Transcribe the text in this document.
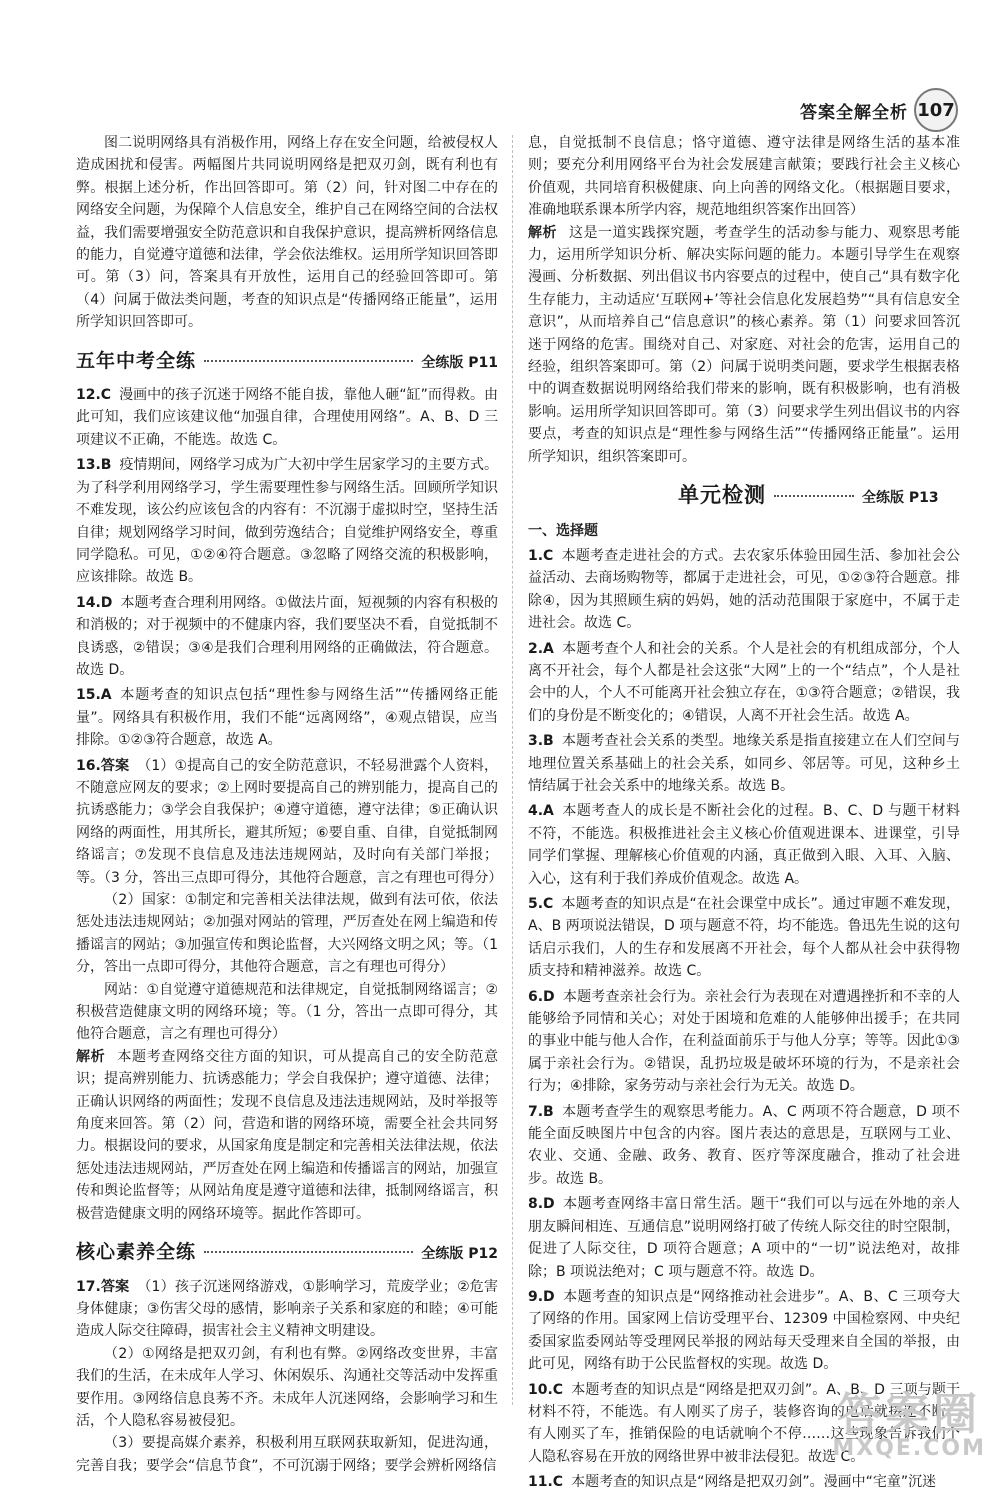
答案全解全析 107

图二说明网络具有消极作用，网络上存在安全问题，给被侵权人造成困扰和侵害。两幅图片共同说明网络是把双刃剑，既有利也有弊。根据上述分析，作出回答即可。第（2）问，针对图二中存在的网络安全问题，为保障个人信息安全，维护自己在网络空间的合法权益，我们需要增强安全防范意识和自我保护意识，提高辨析网络信息的能力，自觉遵守道德和法律，学会依法维权。运用所学知识回答即可。第（3）问，答案具有开放性，运用自己的经验回答即可。第（4）问属于做法类问题，考查的知识点是“传播网络正能量”，运用所学知识回答即可。

五年中考全练	全练版 P11

12.C 漫画中的孩子沉迷于网络不能自拔，靠他人砸“缸”而得救。由此可知，我们应该建议他“加强自律，合理使用网络”。A、B、D 三项建议不正确，不能选。故选 C。

13.B 疫情期间，网络学习成为广大初中学生居家学习的主要方式。为了科学利用网络学习，学生需要理性参与网络生活。回顾所学知识不难发现，该公约应该包含的内容有：不沉溺于虚拟时空，坚持生活自律；规划网络学习时间，做到劳逸结合；自觉维护网络安全，尊重同学隐私。可见，①②④符合题意。③忽略了网络交流的积极影响，应该排除。故选 B。

14.D 本题考查合理利用网络。①做法片面，短视频的内容有积极的和消极的；对于视频中的不健康内容，我们要坚决不看，自觉抵制不良诱惑，②错误；③④是我们合理利用网络的正确做法，符合题意。故选 D。

15.A 本题考查的知识点包括“理性参与网络生活”“传播网络正能量”。网络具有积极作用，我们不能“远离网络”，④观点错误，应当排除。①②③符合题意，故选 A。

16.答案 （1）①提高自己的安全防范意识，不轻易泄露个人资料，不随意应网友的要求；②上网时要提高自己的辨别能力，提高自己的抗诱惑能力；③学会自我保护；④遵守道德，遵守法律；⑤正确认识网络的两面性，用其所长，避其所短；⑥要自重、自律，自觉抵制网络谣言；⑦发现不良信息及违法违规网站，及时向有关部门举报；等。（3 分，答出三点即可得分，其他符合题意，言之有理也可得分）

（2）国家：①制定和完善相关法律法规，做到有法可依，依法惩处违法违规网站；②加强对网站的管理，严厉查处在网上编造和传播谣言的网站；③加强宣传和舆论监督，大兴网络文明之风；等。（1 分，答出一点即可得分，其他符合题意，言之有理也可得分）

网站：①自觉遵守道德规范和法律规定，自觉抵制网络谣言；②积极营造健康文明的网络环境；等。（1 分，答出一点即可得分，其他符合题意，言之有理也可得分）

解析 本题考查网络交往方面的知识，可从提高自己的安全防范意识；提高辨别能力、抗诱惑能力；学会自我保护；遵守道德、法律；正确认识网络的两面性；发现不良信息及违法违规网站，及时举报等角度来回答。第（2）问，营造和谐的网络环境，需要全社会共同努力。根据设问的要求，从国家角度是制定和完善相关法律法规，依法惩处违法违规网站，严厉查处在网上编造和传播谣言的网站，加强宣传和舆论监督等；从网站角度是遵守道德和法律，抵制网络谣言，积极营造健康文明的网络环境等。据此作答即可。

核心素养全练	全练版 P12

17.答案 （1）孩子沉迷网络游戏，①影响学习，荒废学业；②危害身体健康；③伤害父母的感情，影响亲子关系和家庭的和睦；④可能造成人际交往障碍，损害社会主义精神文明建设。

（2）①网络是把双刃剑，有利也有弊。②网络改变世界，丰富我们的生活，在未成年人学习、休闲娱乐、沟通社交等活动中发挥重要作用。③网络信息良莠不齐。未成年人沉迷网络，会影响学习和生活，个人隐私容易被侵犯。

（3）要提高媒介素养，积极利用互联网获取新知，促进沟通，完善自我；要学会“信息节食”，不可沉溺于网络；要学会辨析网络信

息，自觉抵制不良信息；恪守道德、遵守法律是网络生活的基本准则；要充分利用网络平台为社会发展建言献策；要践行社会主义核心价值观，共同培育积极健康、向上向善的网络文化。（根据题目要求，准确地联系课本所学内容，规范地组织答案作出回答）

解析 这是一道实践探究题，考查学生的活动参与能力、观察思考能力，运用所学知识分析、解决实际问题的能力。本题引导学生在观察漫画、分析数据、列出倡议书内容要点的过程中，使自己“具有数字化生存能力，主动适应‘互联网+’等社会信息化发展趋势”“具有信息安全意识”，从而培养自己“信息意识”的核心素养。第（1）问要求回答沉迷于网络的危害。围绕对自己、对家庭、对社会的危害，运用自己的经验，组织答案即可。第（2）问属于说明类问题，要求学生根据表格中的调查数据说明网络给我们带来的影响，既有积极影响，也有消极影响。运用所学知识回答即可。第（3）问要求学生列出倡议书的内容要点，考查的知识点是“理性参与网络生活”“传播网络正能量”。运用所学知识，组织答案即可。

单元检测	全练版 P13

一、选择题

1.C 本题考查走进社会的方式。去农家乐体验田园生活、参加社会公益活动、去商场购物等，都属于走进社会，可见，①②③符合题意。排除④，因为其照顾生病的妈妈，她的活动范围限于家庭中，不属于走进社会。故选 C。

2.A 本题考查个人和社会的关系。个人是社会的有机组成部分，个人离不开社会，每个人都是社会这张“大网”上的一个“结点”，个人是社会中的人，个人不可能离开社会独立存在，①③符合题意；②错误，我们的身份是不断变化的；④错误，人离不开社会生活。故选 A。

3.B 本题考查社会关系的类型。地缘关系是指直接建立在人们空间与地理位置关系基础上的社会关系，如同乡、邻居等。可见，这种乡土情结属于社会关系中的地缘关系。故选 B。

4.A 本题考查人的成长是不断社会化的过程。B、C、D 与题干材料不符，不能选。积极推进社会主义核心价值观进课本、进课堂，引导同学们掌握、理解核心价值观的内涵，真正做到入眼、入耳、入脑、入心，这有利于我们养成价值观念。故选 A。

5.C 本题考查的知识点是“在社会课堂中成长”。通过审题不难发现，A、B 两项说法错误，D 项与题意不符，均不能选。鲁迅先生说的这句话启示我们，人的生存和发展离不开社会，每个人都从社会中获得物质支持和精神滋养。故选 C。

6.D 本题考查亲社会行为。亲社会行为表现在对遭遇挫折和不幸的人能够给予同情和关心；对处于困境和危难的人能够伸出援手；在共同的事业中能与他人合作，在利益面前乐于与他人分享；等等。因此①③属于亲社会行为。②错误，乱扔垃圾是破坏环境的行为，不是亲社会行为；④排除，家务劳动与亲社会行为无关。故选 D。

7.B 本题考查学生的观察思考能力。A、C 两项不符合题意，D 项不能全面反映图片中包含的内容。图片表达的意思是，互联网与工业、农业、交通、金融、政务、教育、医疗等深度融合，推动了社会进步。故选 B。

8.D 本题考查网络丰富日常生活。题干“我们可以与远在外地的亲人朋友瞬间相连、互通信息”说明网络打破了传统人际交往的时空限制，促进了人际交往，D 项符合题意；A 项中的“一切”说法绝对，故排除；B 项说法绝对；C 项与题意不符。故选 D。

9.D 本题考查的知识点是“网络推动社会进步”。A、B、C 三项夸大了网络的作用。国家网上信访受理平台、12309 中国检察网、中央纪委国家监委网站等受理网民举报的网站每天受理来自全国的举报，由此可见，网络有助于公民监督权的实现。故选 D。

10.C 本题考查的知识点是“网络是把双刃剑”。A、B、D 三项与题干材料不符，不能选。有人刚买了房子，装修咨询的电话就接连不断；有人刚买了车，推销保险的电话就响个不停……这些现象告诉我们个人隐私容易在开放的网络世界中被非法侵犯。故选 C。

11.C 本题考查的知识点是“网络是把双刃剑”。漫画中“宅童”沉迷

答案圈
MXQE.COM
